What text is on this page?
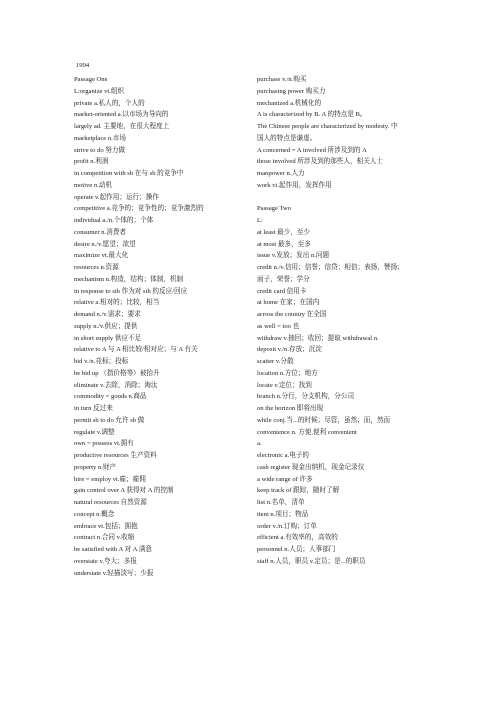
1994
Passage One
L:organize vt.组织
private a.私人的，个人的
market-oriented a.以市场为导向的
largely ad. 主要地，在很大程度上
marketplace n.市场
strive to do 努力做
profit n.利润
in competition with sb 在与 sb 的竞争中
motive n.动机
operate v.起作用；运行；操作
competitive a.竞争的；竞争性的；竞争激烈的
individual a./n.个体的；个体
consumer n.消费者
desire n./v.愿望；欲望
maximize vt.最大化
resources n.资源
mechanism n.构造，结构；体制，机制
in response to sth 作为对 sth 的反应/回应
relative a.相对的；比较，相当
demand n./v.需求；要求
supply n./v.供应；提供
in short supply 供应不足
relative to A 与 A 相比较/相对应；与 A 有关
bid v./n.竞标；投标
be bid up （指价格等）被抬升
eliminate v.去除，消除；淘汰
commodity = goods n.商品
in turn 反过来
permit sb to do 允许 sb 做
regulate v.调整
own = possess vt.拥有
productive resources 生产资料
property n.财产
hire = employ vt.雇；雇佣
gain control over A 获得对 A 的控制
natural resources 自然资源
concept n.概念
embrace vt.包括；拥抱
contract n.合同 v.收缩
be satisfied with A 对 A 满意
overstate v.夸大；多报
understate v.轻描淡写；少报
purchase v./n.购买
purchasing power 购买力
mechanized a.机械化的
A is characterized by B. A 的特点是 B。
The Chinese people are characterized by modesty. 中
国人的特点是谦虚。
A concerned = A involved 所涉及到的 A
those involved 所涉及到的那些人，相关人士
manpower n.人力
work vi.起作用，发挥作用
Passage Two
L:
at least 最少，至少
at most 最多，至多
issue v.发放；发出 n.问题
credit n./v.信用；信誉；信贷；相信；表扬，赞扬；
面子，荣誉；学分
credit card 信用卡
at home 在家；在国内
across the country 在全国
as well = too 也
withdraw v.抽回；收回；提取 withdrawal n.
deposit v./n.存放；沉淀
scatter v.分散
location n.方位；地方
locate v.定位；找到
branch n.分行，分支机构，分公司
on the horizon 即将出现
while conj.当...的时候；尽管，虽然；而，然而
convenience n. 方便,便利 convenient
a.
electronic a.电子的
cash register 现金出纳机，现金记录仪
a wide range of 许多
keep track of 跟踪，随时了解
list n.名单，清单
item n.项目；物品
order v./n.订购；订单
efficient a.有效率的，高效的
personnel n.人员；人事部门
staff n.人员，职员 v.定员；是...的职员
